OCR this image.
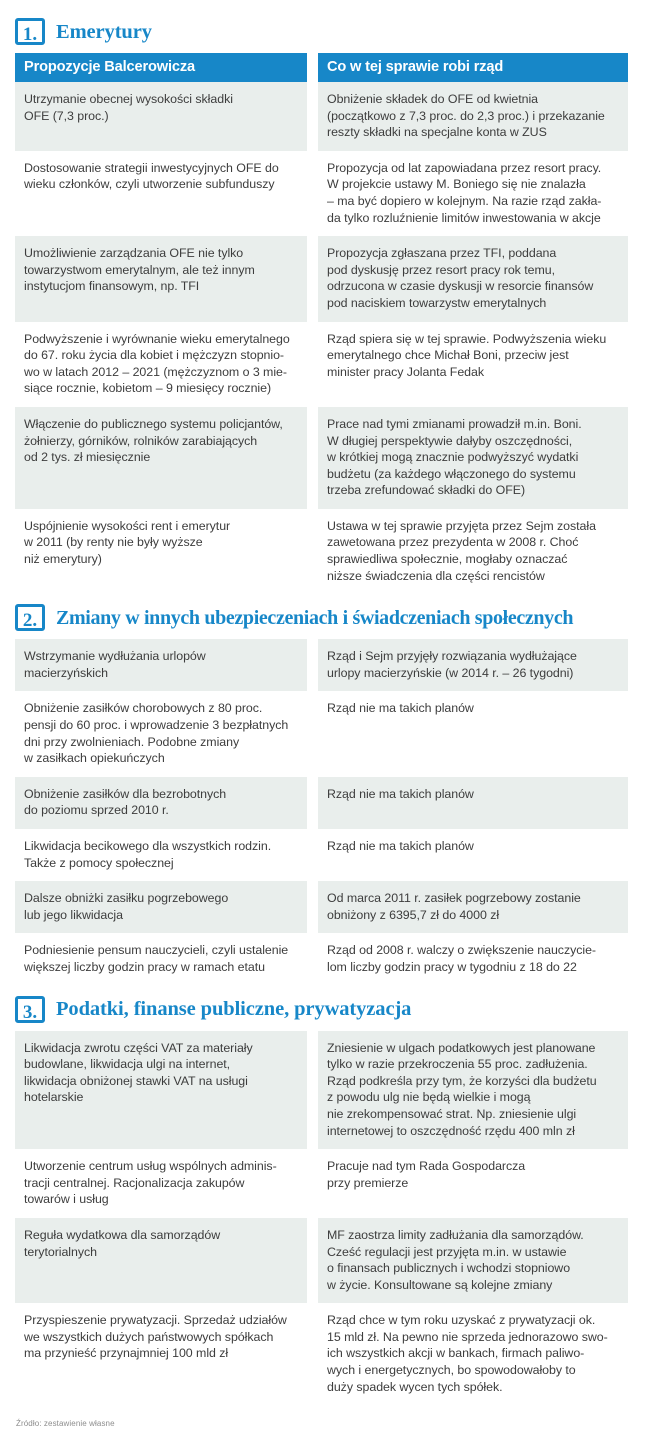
1. Emerytury
Propozycje Balcerowicza	Co w tej sprawie robi rząd

Utrzymanie obecnej wysokości składki

OFE (7,3 proc.)

Obniżenie składek do OFE od kwietnia

(początkowo z 7,3 proc. do 2,3 proc.) i przekazanie

reszty składki na specjalne konta w ZUS

Dostosowanie strategii inwestycyjnych OFE do

wieku członków, czyli utworzenie subfunduszy

Propozycja od lat zapowiadana przez resort pracy.

W projekcie ustawy M. Boniego się nie znalazła

– ma być dopiero w kolejnym. Na razie rząd zakła-

da tylko rozluźnienie limitów inwestowania w akcje

Umożliwienie zarządzania OFE nie tylko

towarzystwom emerytalnym, ale też innym

instytucjom finansowym, np. TFI

Propozycja zgłaszana przez TFI, poddana

pod dyskusję przez resort pracy rok temu,

odrzucona w czasie dyskusji w resorcie finansów

pod naciskiem towarzystw emerytalnych

Podwyższenie i wyrównanie wieku emerytalnego

do 67. roku życia dla kobiet i mężczyzn stopnio-

wo w latach 2012 – 2021 (mężczyznom o 3 mie-

siące rocznie, kobietom – 9 miesięcy rocznie)

Rząd spiera się w tej sprawie. Podwyższenia wieku

emerytalnego chce Michał Boni, przeciw jest

minister pracy Jolanta Fedak

Włączenie do publicznego systemu policjantów,

żołnierzy, górników, rolników zarabiających

od 2 tys. zł miesięcznie

Prace nad tymi zmianami prowadził m.in. Boni.

W długiej perspektywie dałyby oszczędności,

w krótkiej mogą znacznie podwyższyć wydatki

budżetu (za każdego włączonego do systemu

trzeba zrefundować składki do OFE)

Uspójnienie wysokości rent i emerytur

w 2011 (by renty nie były wyższe

niż emerytury)

Ustawa w tej sprawie przyjęta przez Sejm została

zawetowana przez prezydenta w 2008 r. Choć

sprawiedliwa społecznie, mogłaby oznaczać

niższe świadczenia dla części rencistów

2. Zmiany w innych ubezpieczeniach i świadczeniach społecznych

Wstrzymanie wydłużania urlopów

macierzyńskich

Rząd i Sejm przyjęły rozwiązania wydłużające

urlopy macierzyńskie (w 2014 r. – 26 tygodni)

Obniżenie zasiłków chorobowych z 80 proc.

pensji do 60 proc. i wprowadzenie 3 bezpłatnych

dni przy zwolnieniach. Podobne zmiany

w zasiłkach opiekuńczych

Rząd nie ma takich planów

Obniżenie zasiłków dla bezrobotnych

do poziomu sprzed 2010 r.

Rząd nie ma takich planów

Likwidacja becikowego dla wszystkich rodzin.

Także z pomocy społecznej

Rząd nie ma takich planów

Dalsze obniżki zasiłku pogrzebowego

lub jego likwidacja

Od marca 2011 r. zasiłek pogrzebowy zostanie

obniżony z 6395,7 zł do 4000 zł

Podniesienie pensum nauczycieli, czyli ustalenie

większej liczby godzin pracy w ramach etatu

Rząd od 2008 r. walczy o zwiększenie nauczycie-

lom liczby godzin pracy w tygodniu z 18 do 22

3. Podatki, finanse publiczne, prywatyzacja

Likwidacja zwrotu części VAT za materiały

budowlane, likwidacja ulgi na internet,

likwidacja obniżonej stawki VAT na usługi

hotelarskie

Zniesienie w ulgach podatkowych jest planowane

tylko w razie przekroczenia 55 proc. zadłużenia.

Rząd podkreśla przy tym, że korzyści dla budżetu

z powodu ulg nie będą wielkie i mogą

nie zrekompensować strat. Np. zniesienie ulgi

internetowej to oszczędność rzędu 400 mln zł

Utworzenie centrum usług wspólnych adminis-

tracji centralnej. Racjonalizacja zakupów

towarów i usług

Pracuje nad tym Rada Gospodarcza

przy premierze

Reguła wydatkowa dla samorządów

terytorialnych

MF zaostrza limity zadłużania dla samorządów.

Cześć regulacji jest przyjęta m.in. w ustawie

o finansach publicznych i wchodzi stopniowo

w życie. Konsultowane są kolejne zmiany

Przyspieszenie prywatyzacji. Sprzedaż udziałów

we wszystkich dużych państwowych spółkach

ma przynieść przynajmniej 100 mld zł

Rząd chce w tym roku uzyskać z prywatyzacji ok.

15 mld zł. Na pewno nie sprzeda jednorazowo swo-

ich wszystkich akcji w bankach, firmach paliwo-

wych i energetycznych, bo spowodowałoby to

duży spadek wycen tych spółek.

Źródło: zestawienie własne
